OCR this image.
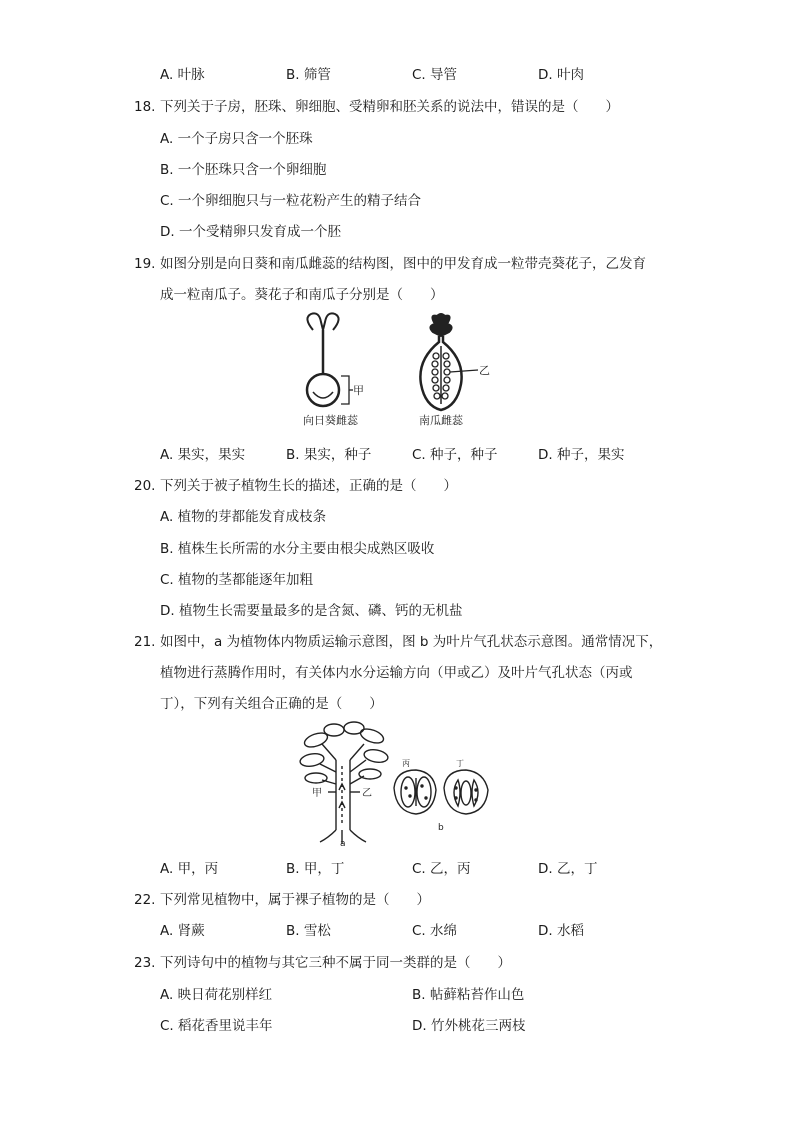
A. 叶脉	B. 筛管	C. 导管	D. 叶肉
18. 下列关于子房，胚珠、卵细胞、受精卵和胚关系的说法中，错误的是（　　）
A. 一个子房只含一个胚珠
B. 一个胚珠只含一个卵细胞
C. 一个卵细胞只与一粒花粉产生的精子结合
D. 一个受精卵只发育成一个胚
19. 如图分别是向日葵和南瓜雌蕊的结构图，图中的甲发育成一粒带壳葵花子，乙发育
成一粒南瓜子。葵花子和南瓜子分别是（　　）
甲
向日葵雌蕊
乙
南瓜雌蕊
A. 果实，果实	B. 果实，种子	C. 种子，种子	D. 种子，果实
20. 下列关于被子植物生长的描述，正确的是（　　）
A. 植物的芽都能发育成枝条
B. 植株生长所需的水分主要由根尖成熟区吸收
C. 植物的茎都能逐年加粗
D. 植物生长需要量最多的是含氮、磷、钙的无机盐
21. 如图中，a 为植物体内物质运输示意图，图 b 为叶片气孔状态示意图。通常情况下，
植物进行蒸腾作用时，有关体内水分运输方向（甲或乙）及叶片气孔状态（丙或
丁），下列有关组合正确的是（　　）
甲	乙
a
丙	丁
b
A. 甲，丙	B. 甲，丁	C. 乙，丙	D. 乙，丁
22. 下列常见植物中，属于裸子植物的是（　　）
A. 肾蕨	B. 雪松	C. 水绵	D. 水稻
23. 下列诗句中的植物与其它三种不属于同一类群的是（　　）
A. 映日荷花别样红	B. 帖藓粘苔作山色
C. 稻花香里说丰年	D. 竹外桃花三两枝
